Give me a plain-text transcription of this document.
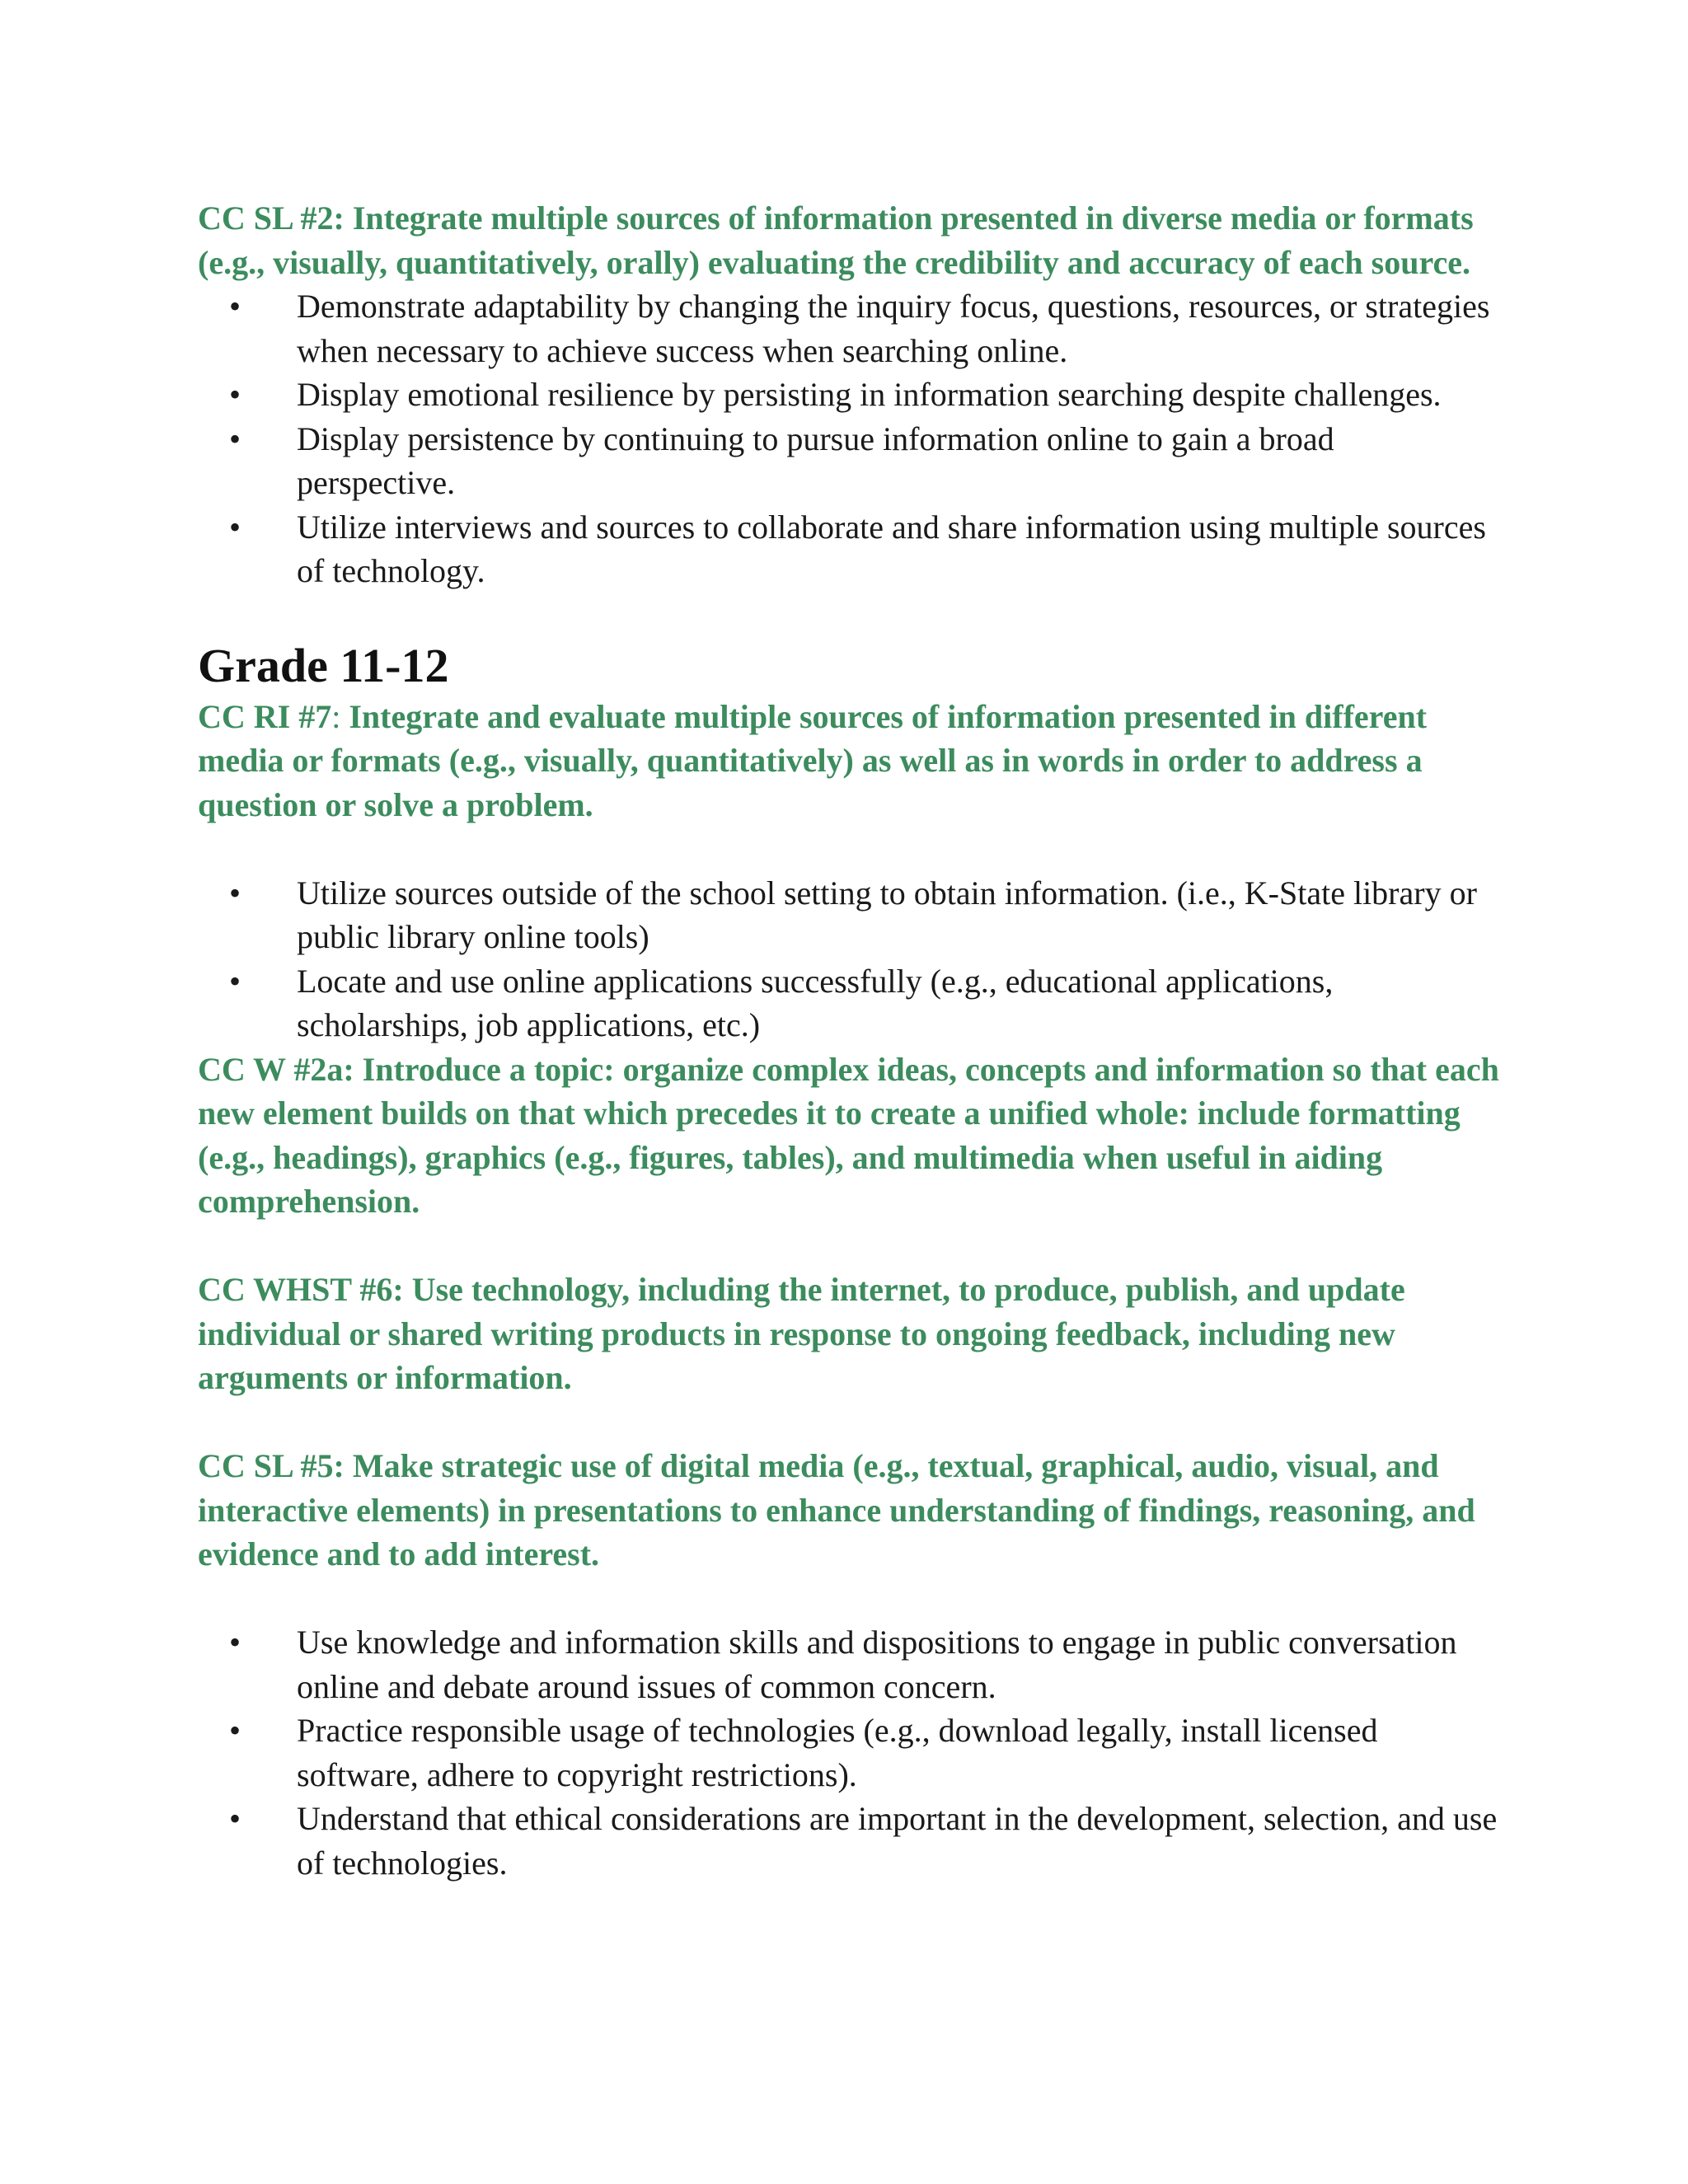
CC SL #2: Integrate multiple sources of information presented in diverse media or formats (e.g., visually, quantitatively, orally) evaluating the credibility and accuracy of each source.

• Demonstrate adaptability by changing the inquiry focus, questions, resources, or strategies when necessary to achieve success when searching online.
• Display emotional resilience by persisting in information searching despite challenges.
• Display persistence by continuing to pursue information online to gain a broad perspective.
• Utilize interviews and sources to collaborate and share information using multiple sources of technology.
Grade 11-12

CC RI #7: Integrate and evaluate multiple sources of information presented in different media or formats (e.g., visually, quantitatively) as well as in words in order to address a question or solve a problem.

• Utilize sources outside of the school setting to obtain information. (i.e., K-State library or public library online tools)
• Locate and use online applications successfully (e.g., educational applications, scholarships, job applications, etc.)

CC W #2a: Introduce a topic: organize complex ideas, concepts and information so that each new element builds on that which precedes it to create a unified whole: include formatting (e.g., headings), graphics (e.g., figures, tables), and multimedia when useful in aiding comprehension.

CC WHST #6: Use technology, including the internet, to produce, publish, and update individual or shared writing products in response to ongoing feedback, including new arguments or information.

CC SL #5: Make strategic use of digital media (e.g., textual, graphical, audio, visual, and interactive elements) in presentations to enhance understanding of findings, reasoning, and evidence and to add interest.

• Use knowledge and information skills and dispositions to engage in public conversation online and debate around issues of common concern.
• Practice responsible usage of technologies (e.g., download legally, install licensed software, adhere to copyright restrictions).
• Understand that ethical considerations are important in the development, selection, and use of technologies.
